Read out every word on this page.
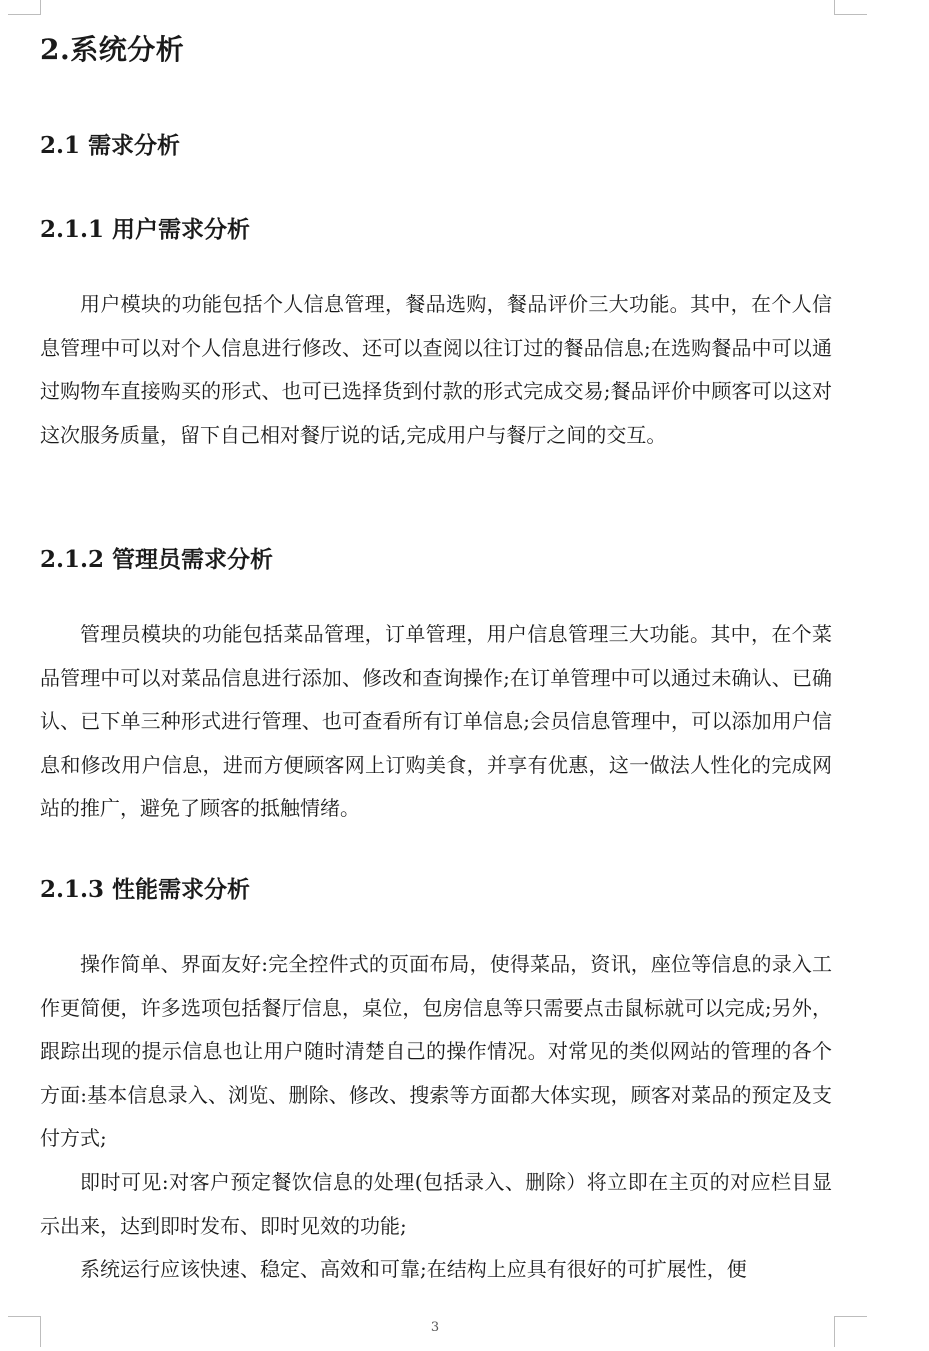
2.系统分析
2.1 需求分析
2.1.1 用户需求分析

用户模块的功能包括个人信息管理，餐品选购，餐品评价三大功能。其中，在个人信息管理中可以对个人信息进行修改、还可以查阅以往订过的餐品信息;在选购餐品中可以通过购物车直接购买的形式、也可已选择货到付款的形式完成交易;餐品评价中顾客可以这对这次服务质量，留下自己相对餐厅说的话,完成用户与餐厅之间的交互。

2.1.2 管理员需求分析

管理员模块的功能包括菜品管理，订单管理，用户信息管理三大功能。其中，在个菜品管理中可以对菜品信息进行添加、修改和查询操作;在订单管理中可以通过未确认、已确认、已下单三种形式进行管理、也可查看所有订单信息;会员信息管理中，可以添加用户信息和修改用户信息，进而方便顾客网上订购美食，并享有优惠，这一做法人性化的完成网站的推广，避免了顾客的抵触情绪。

2.1.3 性能需求分析

操作简单、界面友好:完全控件式的页面布局，使得菜品，资讯，座位等信息的录入工作更简便，许多选项包括餐厅信息，桌位，包房信息等只需要点击鼠标就可以完成;另外，跟踪出现的提示信息也让用户随时清楚自己的操作情况。对常见的类似网站的管理的各个方面:基本信息录入、浏览、删除、修改、搜索等方面都大体实现，顾客对菜品的预定及支付方式;

即时可见:对客户预定餐饮信息的处理(包括录入、删除）将立即在主页的对应栏目显示出来，达到即时发布、即时见效的功能;

系统运行应该快速、稳定、高效和可靠;在结构上应具有很好的可扩展性，便

3
